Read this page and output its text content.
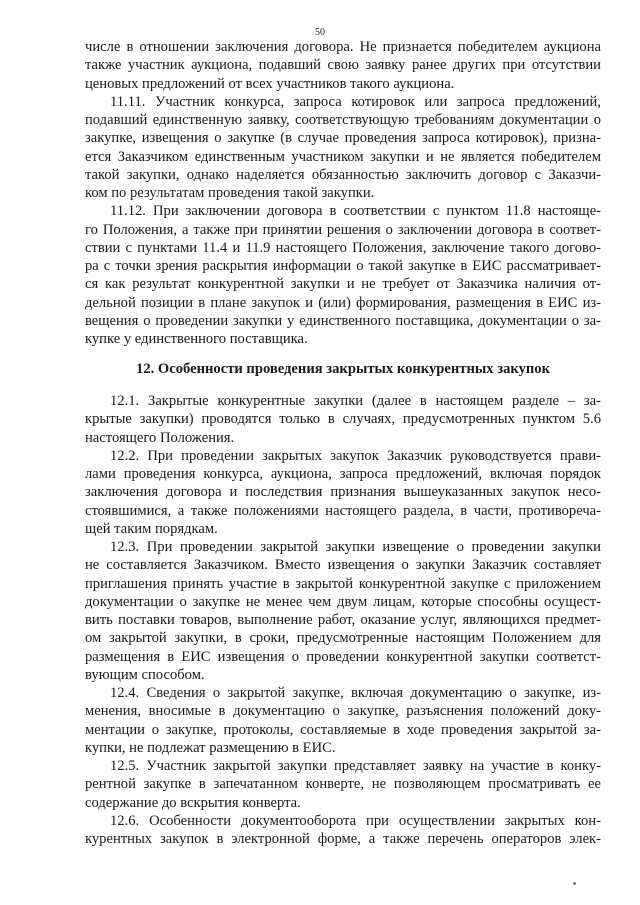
50
числе в отношении заключения договора. Не признается победителем аукциона
также участник аукциона, подавший свою заявку ранее других при отсутствии
ценовых предложений от всех участников такого аукциона.
11.11. Участник конкурса, запроса котировок или запроса предложений,
подавший единственную заявку, соответствующую требованиям документации о
закупке, извещения о закупке (в случае проведения запроса котировок), призна-
ется Заказчиком единственным участником закупки и не является победителем
такой закупки, однако наделяется обязанностью заключить договор с Заказчи-
ком по результатам проведения такой закупки.
11.12. При заключении договора в соответствии с пунктом 11.8 настояще-
го Положения, а также при принятии решения о заключении договора в соответ-
ствии с пунктами 11.4 и 11.9 настоящего Положения, заключение такого догово-
ра с точки зрения раскрытия информации о такой закупке в ЕИС рассматривает-
ся как результат конкурентной закупки и не требует от Заказчика наличия от-
дельной позиции в плане закупок и (или) формирования, размещения в ЕИС из-
вещения о проведении закупки у единственного поставщика, документации о за-
купке у единственного поставщика.
12. Особенности проведения закрытых конкурентных закупок
12.1. Закрытые конкурентные закупки (далее в настоящем разделе – за-
крытые закупки) проводятся только в случаях, предусмотренных пунктом 5.6
настоящего Положения.
12.2. При проведении закрытых закупок Заказчик руководствуется прави-
лами проведения конкурса, аукциона, запроса предложений, включая порядок
заключения договора и последствия признания вышеуказанных закупок несо-
стоявшимися, а также положениями настоящего раздела, в части, противореча-
щей таким порядкам.
12.3. При проведении закрытой закупки извещение о проведении закупки
не составляется Заказчиком. Вместо извещения о закупки Заказчик составляет
приглашения принять участие в закрытой конкурентной закупке с приложением
документации о закупке не менее чем двум лицам, которые способны осущест-
вить поставки товаров, выполнение работ, оказание услуг, являющихся предмет-
ом закрытой закупки, в сроки, предусмотренные настоящим Положением для
размещения в ЕИС извещения о проведении конкурентной закупки соответст-
вующим способом.
12.4. Сведения о закрытой закупке, включая документацию о закупке, из-
менения, вносимые в документацию о закупке, разъяснения положений доку-
ментации о закупке, протоколы, составляемые в ходе проведения закрытой за-
купки, не подлежат размещению в ЕИС.
12.5. Участник закрытой закупки представляет заявку на участие в конку-
рентной закупке в запечатанном конверте, не позволяющем просматривать ее
содержание до вскрытия конверта.
12.6. Особенности документооборота при осуществлении закрытых кон-
курентных закупок в электронной форме, а также перечень операторов элек-
